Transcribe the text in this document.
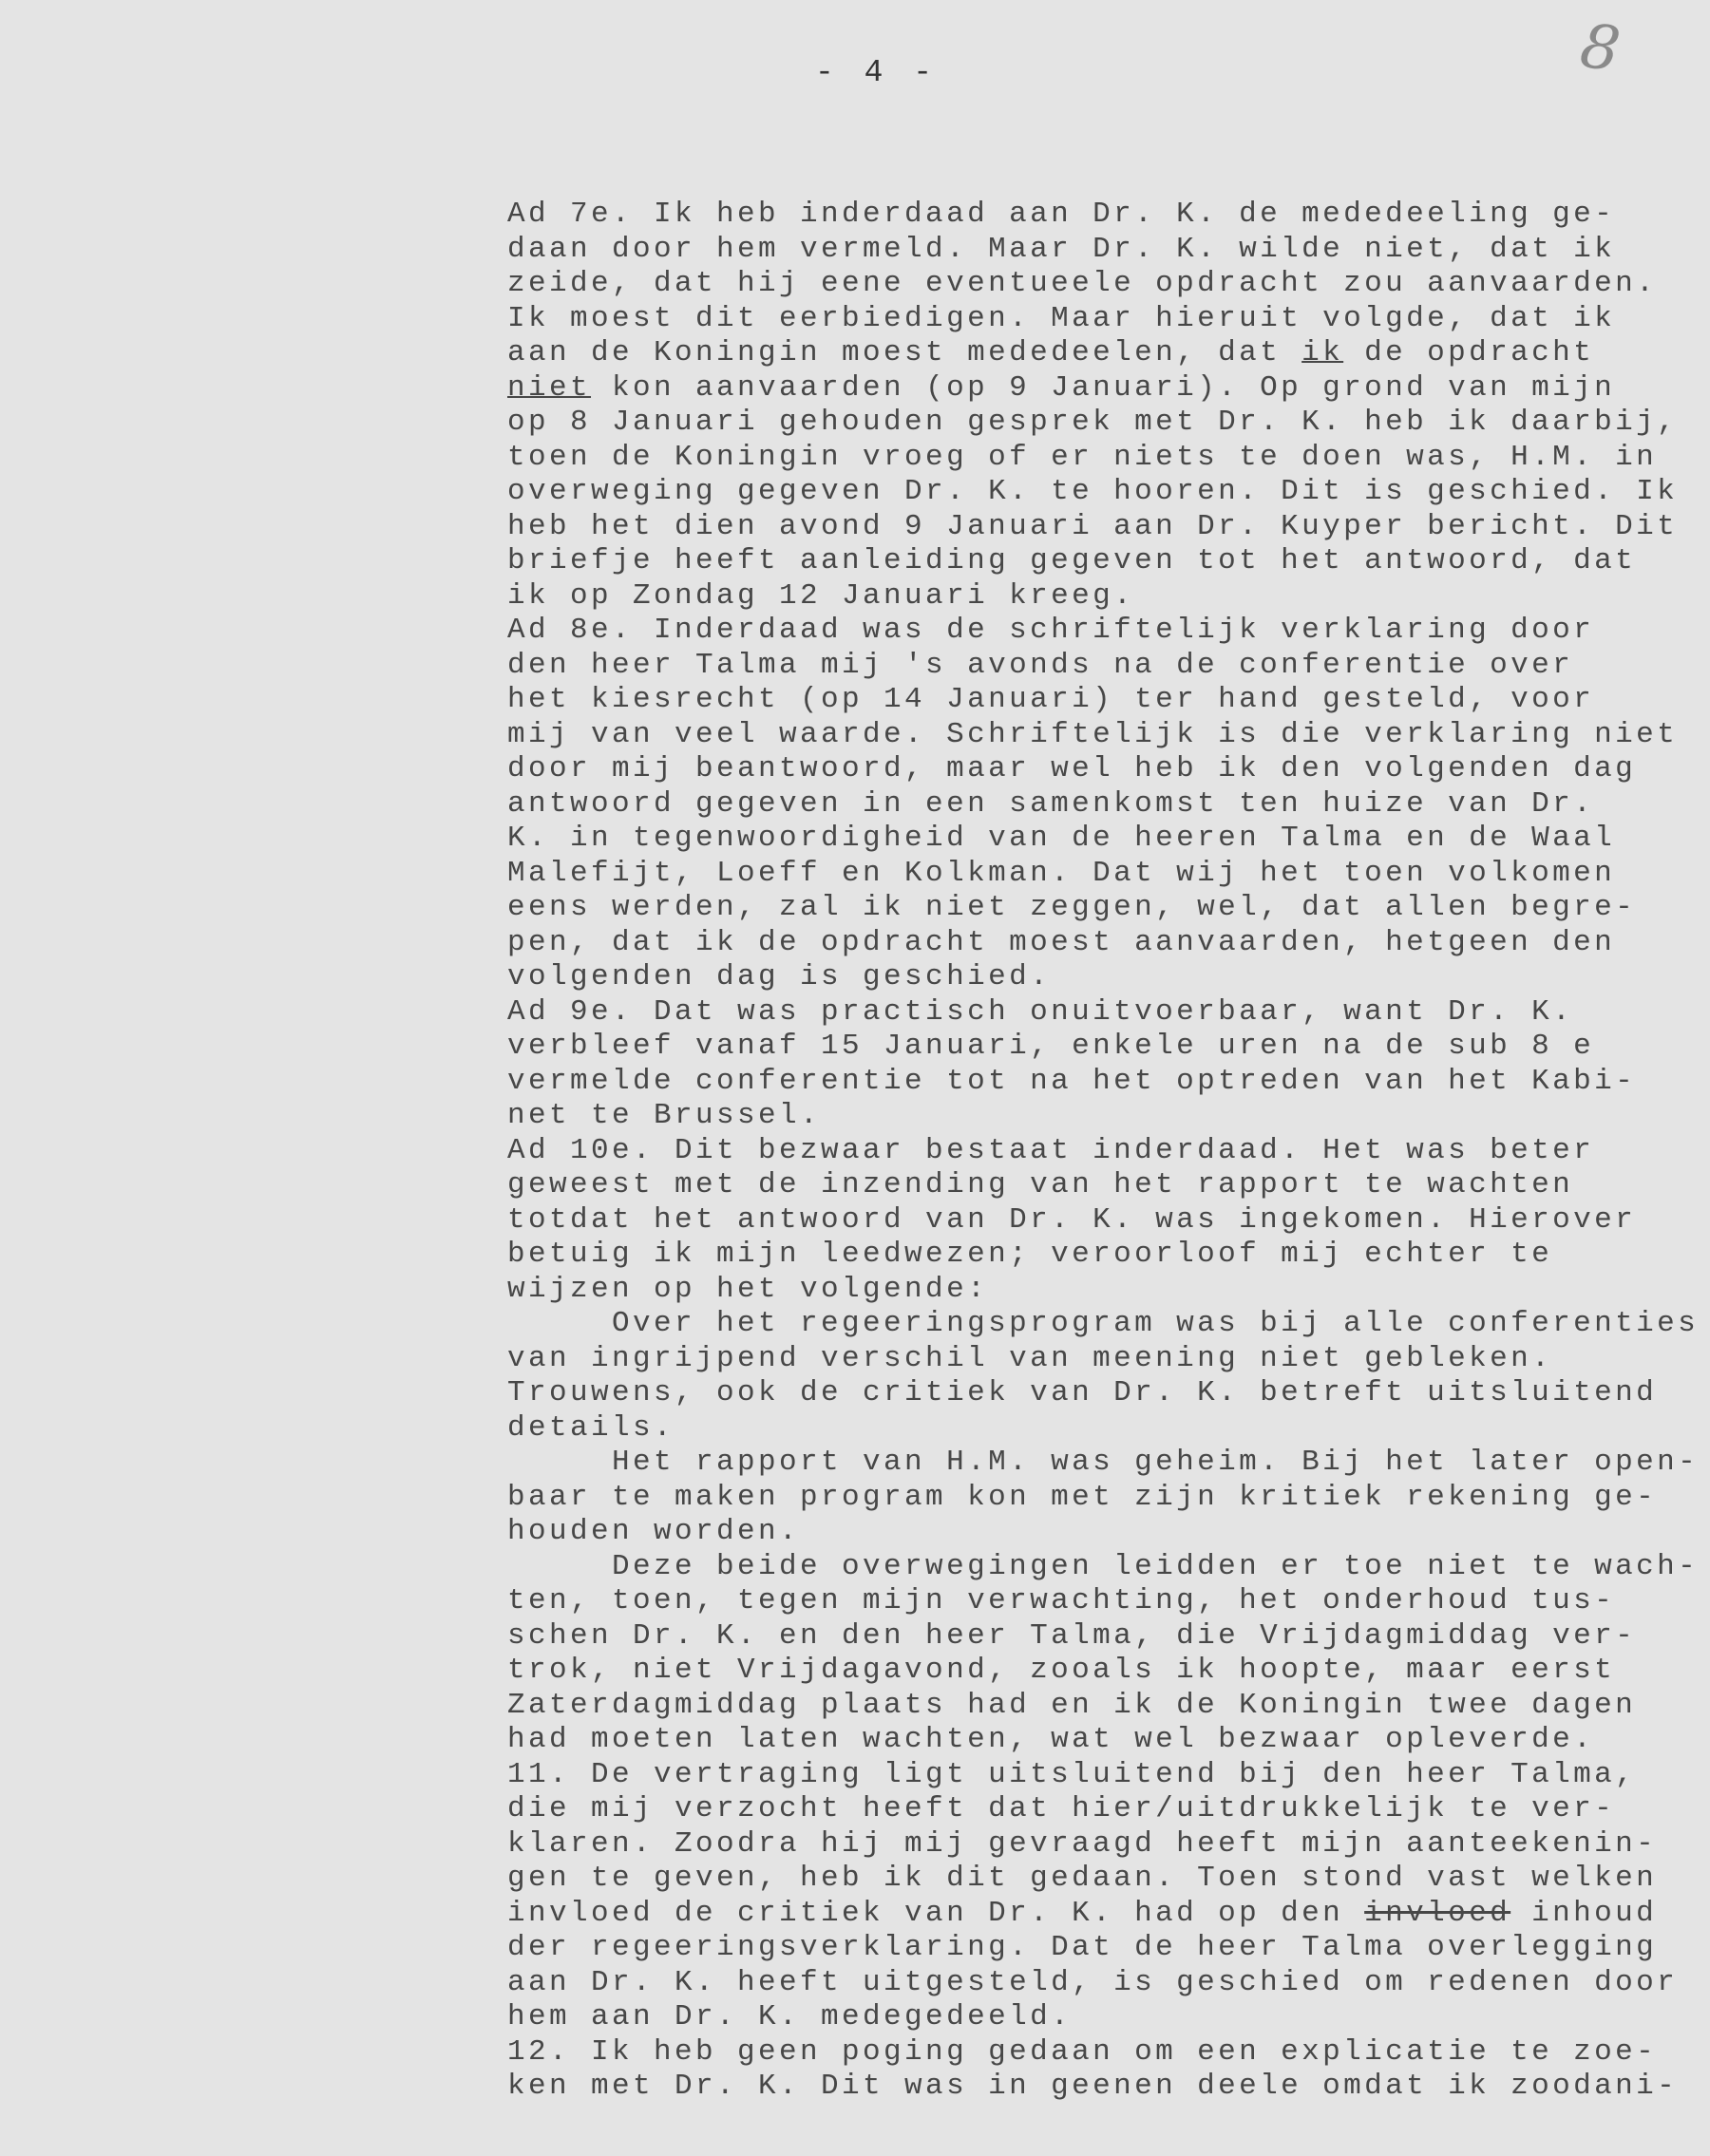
- 4 -	8
Ad 7e. Ik heb inderdaad aan Dr. K. de mededeeling ge-
daan door hem vermeld. Maar Dr. K. wilde niet, dat ik
zeide, dat hij eene eventueele opdracht zou aanvaarden.
Ik moest dit eerbiedigen. Maar hieruit volgde, dat ik
aan de Koningin moest mededeelen, dat ik de opdracht
niet kon aanvaarden (op 9 Januari). Op grond van mijn
op 8 Januari gehouden gesprek met Dr. K. heb ik daarbij,
toen de Koningin vroeg of er niets te doen was, H.M. in
overweging gegeven Dr. K. te hooren. Dit is geschied. Ik
heb het dien avond 9 Januari aan Dr. Kuyper bericht. Dit
briefje heeft aanleiding gegeven tot het antwoord, dat
ik op Zondag 12 Januari kreeg.
Ad 8e. Inderdaad was de schriftelijk verklaring door
den heer Talma mij 's avonds na de conferentie over
het kiesrecht (op 14 Januari) ter hand gesteld, voor
mij van veel waarde. Schriftelijk is die verklaring niet
door mij beantwoord, maar wel heb ik den volgenden dag
antwoord gegeven in een samenkomst ten huize van Dr.
K. in tegenwoordigheid van de heeren Talma en de Waal
Malefijt, Loeff en Kolkman. Dat wij het toen volkomen
eens werden, zal ik niet zeggen, wel, dat allen begre-
pen, dat ik de opdracht moest aanvaarden, hetgeen den
volgenden dag is geschied.
Ad 9e. Dat was practisch onuitvoerbaar, want Dr. K.
verbleef vanaf 15 Januari, enkele uren na de sub 8 e
vermelde conferentie tot na het optreden van het Kabi-
net te Brussel.
Ad 10e. Dit bezwaar bestaat inderdaad. Het was beter
geweest met de inzending van het rapport te wachten
totdat het antwoord van Dr. K. was ingekomen. Hierover
betuig ik mijn leedwezen; veroorloof mij echter te
wijzen op het volgende:
Over het regeeringsprogram was bij alle conferenties
van ingrijpend verschil van meening niet gebleken.
Trouwens, ook de critiek van Dr. K. betreft uitsluitend
details.
Het rapport van H.M. was geheim. Bij het later open-
baar te maken program kon met zijn kritiek rekening ge-
houden worden.
Deze beide overwegingen leidden er toe niet te wach-
ten, toen, tegen mijn verwachting, het onderhoud tus-
schen Dr. K. en den heer Talma, die Vrijdagmiddag ver-
trok, niet Vrijdagavond, zooals ik hoopte, maar eerst
Zaterdagmiddag plaats had en ik de Koningin twee dagen
had moeten laten wachten, wat wel bezwaar opleverde.
11. De vertraging ligt uitsluitend bij den heer Talma,
die mij verzocht heeft dat hier/uitdrukkelijk te ver-
klaren. Zoodra hij mij gevraagd heeft mijn aanteekenin-
gen te geven, heb ik dit gedaan. Toen stond vast welken
invloed de critiek van Dr. K. had op den invloed inhoud
der regeeringsverklaring. Dat de heer Talma overlegging
aan Dr. K. heeft uitgesteld, is geschied om redenen door
hem aan Dr. K. medegedeeld.
12. Ik heb geen poging gedaan om een explicatie te zoe-
ken met Dr. K. Dit was in geenen deele omdat ik zoodani-
